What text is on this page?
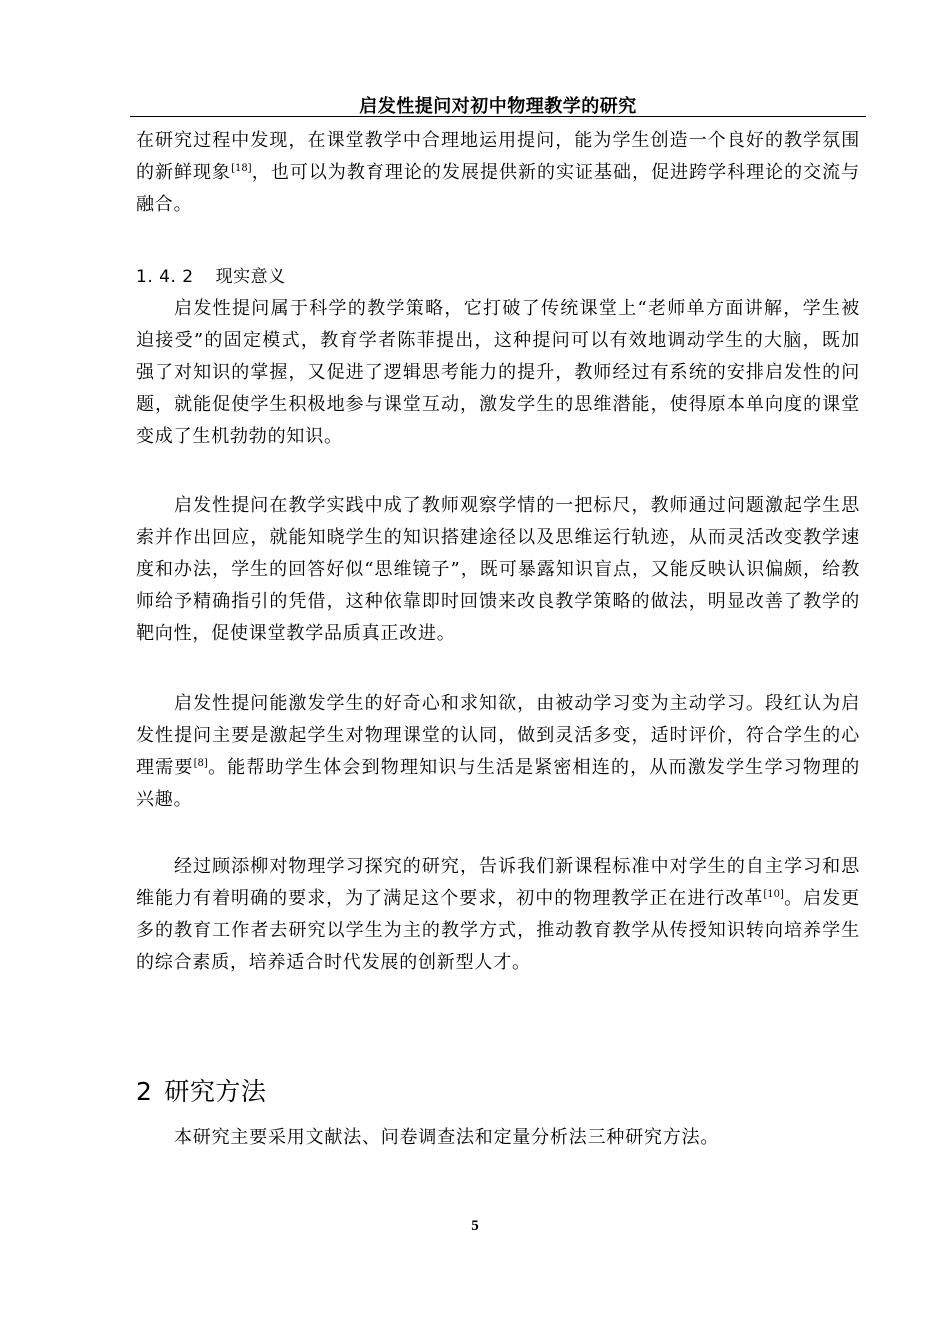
启发性提问对初中物理教学的研究

在研究过程中发现，在课堂教学中合理地运用提问，能为学生创造一个良好的教学氛围的新鲜现象[18]，也可以为教育理论的发展提供新的实证基础，促进跨学科理论的交流与融合。

1. 4. 2 现实意义

启发性提问属于科学的教学策略，它打破了传统课堂上“老师单方面讲解，学生被迫接受”的固定模式，教育学者陈菲提出，这种提问可以有效地调动学生的大脑，既加强了对知识的掌握，又促进了逻辑思考能力的提升，教师经过有系统的安排启发性的问题，就能促使学生积极地参与课堂互动，激发学生的思维潜能，使得原本单向度的课堂变成了生机勃勃的知识。

启发性提问在教学实践中成了教师观察学情的一把标尺，教师通过问题激起学生思索并作出回应，就能知晓学生的知识搭建途径以及思维运行轨迹，从而灵活改变教学速度和办法，学生的回答好似“思维镜子”，既可暴露知识盲点，又能反映认识偏颇，给教师给予精确指引的凭借，这种依靠即时回馈来改良教学策略的做法，明显改善了教学的靶向性，促使课堂教学品质真正改进。

启发性提问能激发学生的好奇心和求知欲，由被动学习变为主动学习。段红认为启发性提问主要是激起学生对物理课堂的认同，做到灵活多变，适时评价，符合学生的心理需要[8]。能帮助学生体会到物理知识与生活是紧密相连的，从而激发学生学习物理的兴趣。

经过顾添柳对物理学习探究的研究，告诉我们新课程标准中对学生的自主学习和思维能力有着明确的要求，为了满足这个要求，初中的物理教学正在进行改革[10]。启发更多的教育工作者去研究以学生为主的教学方式，推动教育教学从传授知识转向培养学生的综合素质，培养适合时代发展的创新型人才。

2 研究方法

本研究主要采用文献法、问卷调查法和定量分析法三种研究方法。

5
